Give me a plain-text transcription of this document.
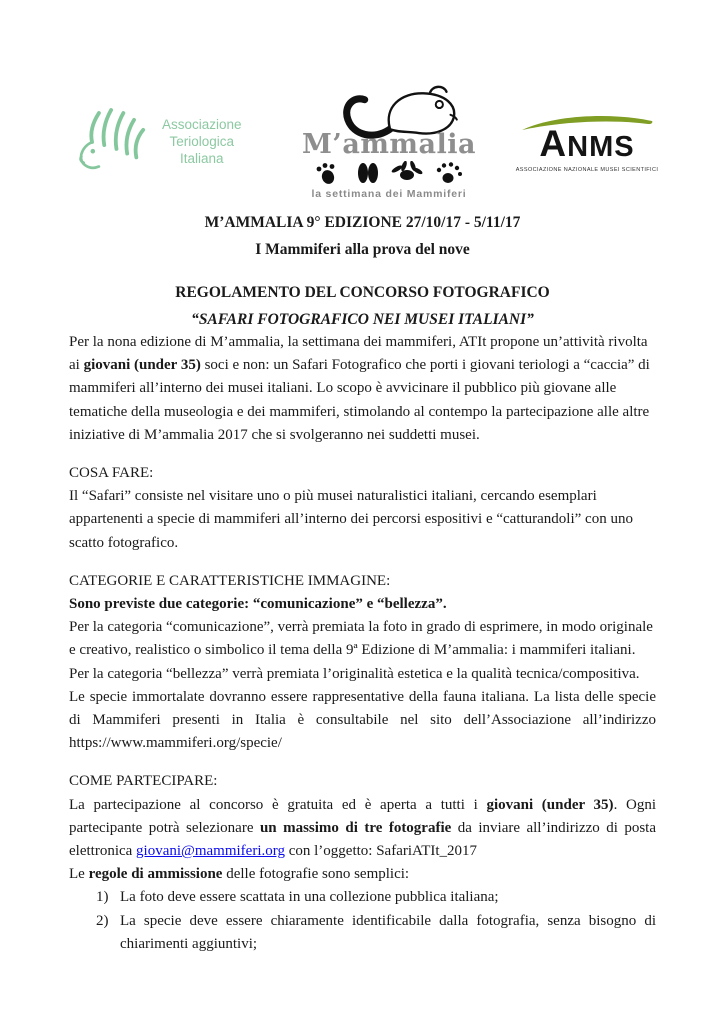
Associazione
Teriologica
Italiana	M’ammalia
la settimana dei Mammiferi
ANMS
ASSOCIAZIONE NAZIONALE MUSEI SCIENTIFICI
M’AMMALIA 9° EDIZIONE 27/10/17 - 5/11/17
I Mammiferi alla prova del nove
REGOLAMENTO DEL CONCORSO FOTOGRAFICO
“SAFARI FOTOGRAFICO NEI MUSEI ITALIANI”

Per la nona edizione di M’ammalia, la settimana dei mammiferi, ATIt propone un’attività rivolta ai giovani (under 35) soci e non: un Safari Fotografico che porti i giovani teriologi a “caccia” di mammiferi all’interno dei musei italiani. Lo scopo è avvicinare il pubblico più giovane alle tematiche della museologia e dei mammiferi, stimolando al contempo la partecipazione alle altre iniziative di M’ammalia 2017 che si svolgeranno nei suddetti musei.

COSA FARE:

Il “Safari” consiste nel visitare uno o più musei naturalistici italiani, cercando esemplari appartenenti a specie di mammiferi all’interno dei percorsi espositivi e “catturandoli” con uno scatto fotografico.

CATEGORIE E CARATTERISTICHE IMMAGINE:

Sono previste due categorie: “comunicazione” e “bellezza”.

Per la categoria “comunicazione”, verrà premiata la foto in grado di esprimere, in modo originale e creativo, realistico o simbolico il tema della 9ª Edizione di M’ammalia: i mammiferi italiani.

Per la categoria “bellezza” verrà premiata l’originalità estetica e la qualità tecnica/compositiva.

Le specie immortalate dovranno essere rappresentative della fauna italiana. La lista delle specie di Mammiferi presenti in Italia è consultabile nel sito dell’Associazione all’indirizzo https://www.mammiferi.org/specie/

COME PARTECIPARE:

La partecipazione al concorso è gratuita ed è aperta a tutti i giovani (under 35). Ogni partecipante potrà selezionare un massimo di tre fotografie da inviare all’indirizzo di posta elettronica giovani@mammiferi.org con l’oggetto: SafariATIt_2017

Le regole di ammissione delle fotografie sono semplici:

1) La foto deve essere scattata in una collezione pubblica italiana;
2) La specie deve essere chiaramente identificabile dalla fotografia, senza bisogno di chiarimenti aggiuntivi;
